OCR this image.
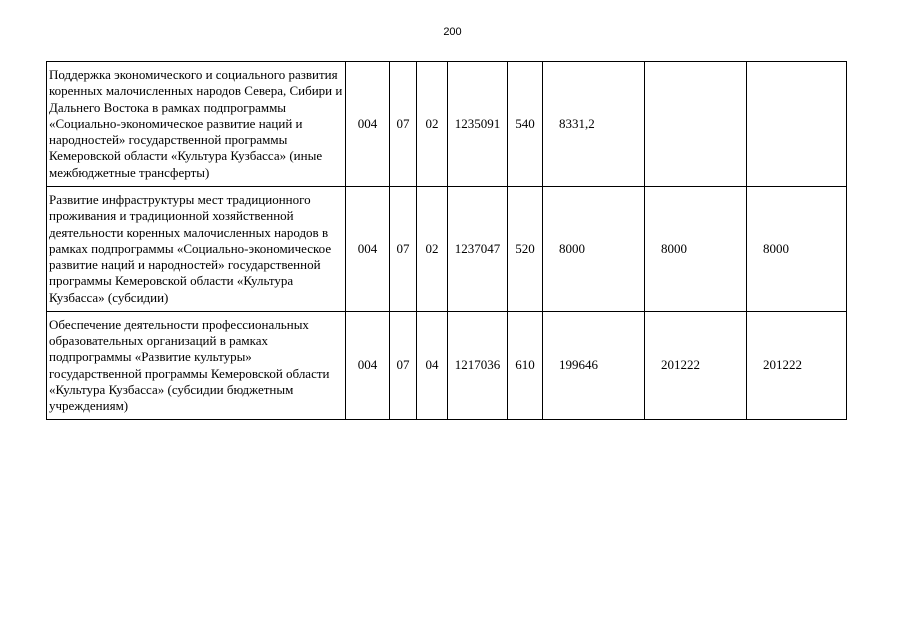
200
Поддержка экономического и социального развития коренных малочисленных народов Севера, Сибири и Дальнего Востока в рамках подпрограммы «Социально-экономическое развитие наций и народностей» государственной программы Кемеровской области «Культура Кузбасса» (иные межбюджетные трансферты)	004	07	02	1235091	540	8331,2		
Развитие инфраструктуры мест традиционного проживания и традиционной хозяйственной деятельности коренных малочисленных народов в рамках подпрограммы «Социально-экономическое развитие наций и народностей» государственной программы Кемеровской области «Культура Кузбасса» (субсидии)	004	07	02	1237047	520	8000	8000	8000
Обеспечение деятельности профессиональных образовательных организаций в рамках подпрограммы «Развитие культуры» государственной программы Кемеровской области «Культура Кузбасса» (субсидии бюджетным учреждениям)	004	07	04	1217036	610	199646	201222	201222
